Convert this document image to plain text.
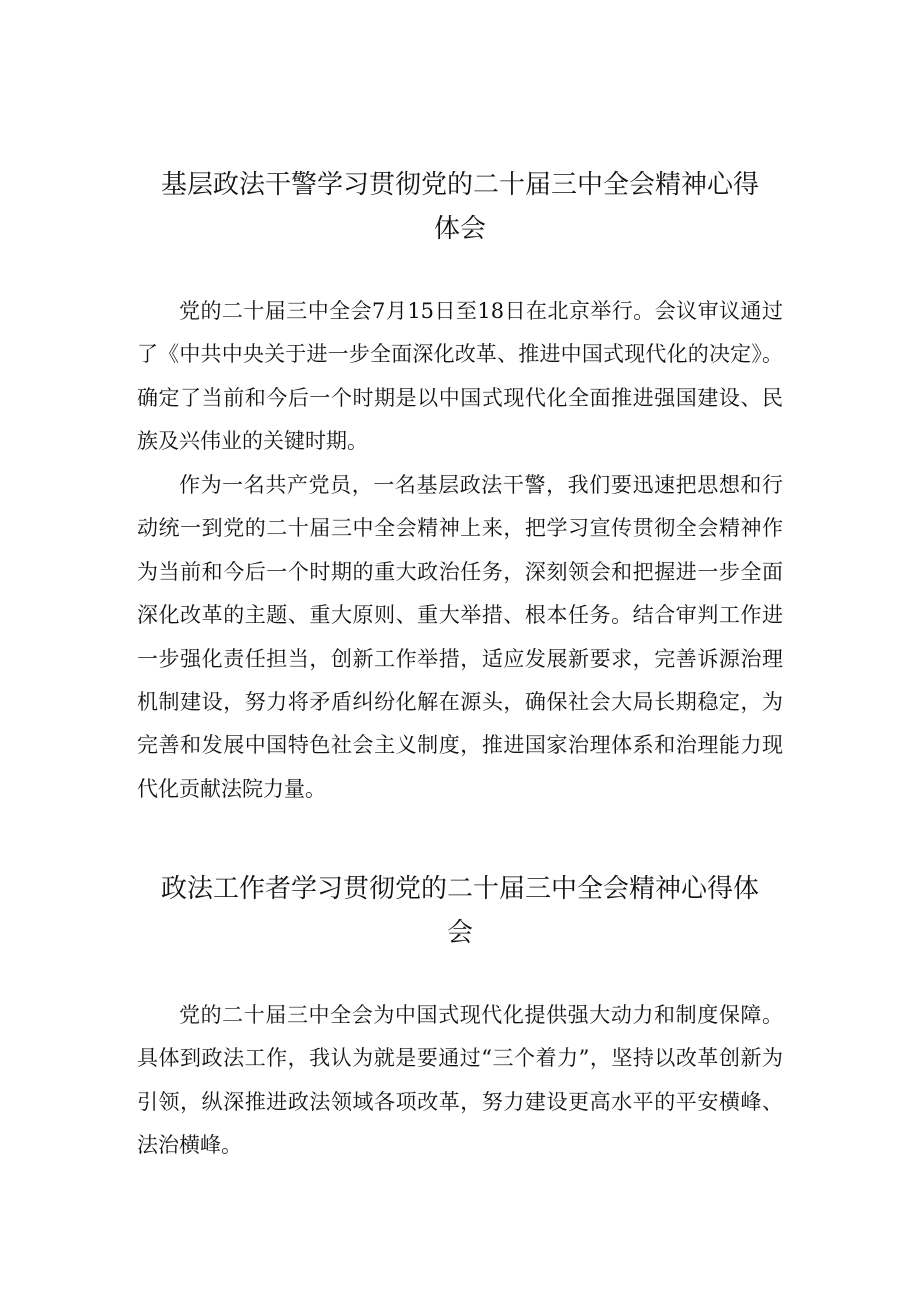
基层政法干警学习贯彻党的二十届三中全会精神心得
体会

党的二十届三中全会7月15日至18日在北京举行。会议审议通过了《中共中央关于进一步全面深化改革、推进中国式现代化的决定》。确定了当前和今后一个时期是以中国式现代化全面推进强国建设、民族及兴伟业的关键时期。

作为一名共产党员，一名基层政法干警，我们要迅速把思想和行动统一到党的二十届三中全会精神上来，把学习宣传贯彻全会精神作为当前和今后一个时期的重大政治任务，深刻领会和把握进一步全面深化改革的主题、重大原则、重大举措、根本任务。结合审判工作进一步强化责任担当，创新工作举措，适应发展新要求，完善诉源治理机制建设，努力将矛盾纠纷化解在源头，确保社会大局长期稳定，为完善和发展中国特色社会主义制度，推进国家治理体系和治理能力现代化贡献法院力量。

政法工作者学习贯彻党的二十届三中全会精神心得体
会

党的二十届三中全会为中国式现代化提供强大动力和制度保障。具体到政法工作，我认为就是要通过“三个着力”，坚持以改革创新为引领，纵深推进政法领域各项改革，努力建设更高水平的平安横峰、法治横峰。
